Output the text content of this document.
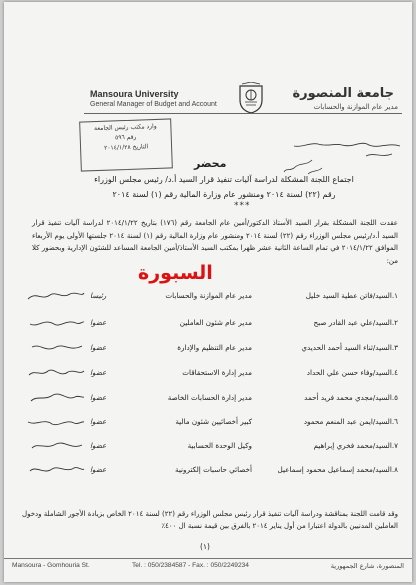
Mansoura University
General Manager of Budget and Account
جامعة المنصورة
مدير عام الموازنة والحسابات
وارد مكتب رئيس الجامعة
رقم ٥٩٦
التاريخ ٢٠١٤/١/٢٨
محضر
اجتماع اللجنة المشكلة لدراسة آليات تنفيذ قرار السيد أ.د/ رئيس مجلس الوزراء
رقم (٢٢) لسنة ٢٠١٤ ومنشور عام وزارة المالية رقم (١) لسنة ٢٠١٤
***
عقدت اللجنة المشكلة بقرار السيد الأستاذ الدكتور/أمين عام الجامعة رقم (١٧٦) بتاريخ ٢٠١٤/١/٢٢ لدراسة آليات تنفيذ قرار السيد أ.د/رئيس مجلس الوزراء رقم (٢٢) لسنة ٢٠١٤ ومنشور عام وزارة المالية رقم (١) لسنة ٢٠١٤ جلستها الأولى يوم الأربعاء الموافق ٢٠١٤/١/٢٢ في تمام الساعة الثانية عشر ظهرا بمكتب السيد الأستاذ/أمين الجامعة المساعد للشئون الإدارية وبحضور كلا من:
السبورة
١.السيد/فاتن عطية السيد خليل
مدير عام الموازنة والحسابات
رئيسا
٢.السيد/علي عبد القادر صبح
مدير عام شئون العاملين
عضوا
٣.السيد/ثناء السيد أحمد الحديدي
مدير عام التنظيم والإدارة
عضوا
٤.السيد/وفاء حسن علي الحداد
مدير إدارة الاستحقاقات
عضوا
٥.السيد/مجدي محمد فريد أحمد
مدير إدارة الحسابات الخاصة
عضوا
٦.السيد/ايمن عبد المنعم محمود
كبير أخصائيين شئون مالية
عضوا
٧.السيد/محمد فخري إبراهيم
وكيل الوحدة الحسابية
عضوا
٨.السيد/محمد إسماعيل محمود إسماعيل
أخصائي حاسبات إلكترونية
عضوا
وقد قامت اللجنة بمناقشة ودراسة آليات تنفيذ قرار رئيس مجلس الوزراء رقم (٢٢) لسنة ٢٠١٤ الخاص بزيادة الأجور الشاملة ودخول العاملين المدنيين بالدولة اعتبارا من أول يناير ٢٠١٤ بالفرق بين قيمة نسبة ال ٤٠٠٪
(١)
Mansoura - Gomhouria St.	Tel. : 050/2384587 - Fax. : 050/2249234	المنصورة، شارع الجمهورية
